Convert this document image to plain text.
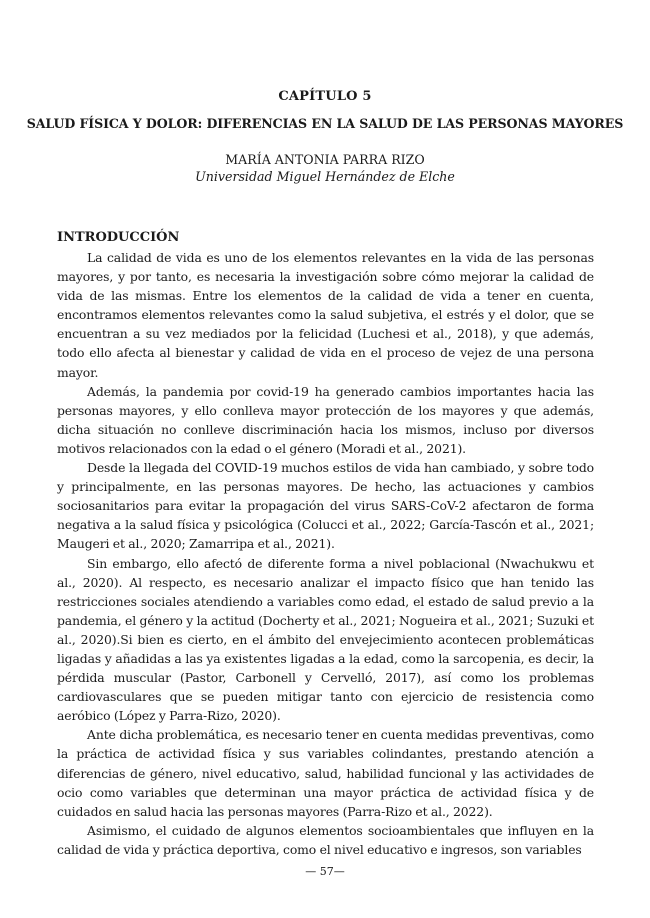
CAPÍTULO 5
SALUD FÍSICA Y DOLOR: DIFERENCIAS EN LA SALUD DE LAS PERSONAS MAYORES
MARÍA ANTONIA PARRA RIZO
Universidad Miguel Hernández de Elche
INTRODUCCIÓN

La calidad de vida es uno de los elementos relevantes en la vida de las personas mayores, y por tanto, es necesaria la investigación sobre cómo mejorar la calidad de vida de las mismas. Entre los elementos de la calidad de vida a tener en cuenta, encontramos elementos relevantes como la salud subjetiva, el estrés y el dolor, que se encuentran a su vez mediados por la felicidad (Luchesi et al., 2018), y que además, todo ello afecta al bienestar y calidad de vida en el proceso de vejez de una persona mayor.

Además, la pandemia por covid-19 ha generado cambios importantes hacia las personas mayores, y ello conlleva mayor protección de los mayores y que además, dicha situación no conlleve discriminación hacia los mismos, incluso por diversos motivos relacionados con la edad o el género (Moradi et al., 2021).

Desde la llegada del COVID-19 muchos estilos de vida han cambiado, y sobre todo y principalmente, en las personas mayores. De hecho, las actuaciones y cambios sociosanitarios para evitar la propagación del virus SARS-CoV-2 afectaron de forma negativa a la salud física y psicológica (Colucci et al., 2022; García-Tascón et al., 2021; Maugeri et al., 2020; Zamarripa et al., 2021).

Sin embargo, ello afectó de diferente forma a nivel poblacional (Nwachukwu et al., 2020). Al respecto, es necesario analizar el impacto físico que han tenido las restricciones sociales atendiendo a variables como edad, el estado de salud previo a la pandemia, el género y la actitud (Docherty et al., 2021; Nogueira et al., 2021; Suzuki et al., 2020).Si bien es cierto, en el ámbito del envejecimiento acontecen problemáticas ligadas y añadidas a las ya existentes ligadas a la edad, como la sarcopenia, es decir, la pérdida muscular (Pastor, Carbonell y Cervelló, 2017), así como los problemas cardiovasculares que se pueden mitigar tanto con ejercicio de resistencia como aeróbico (López y Parra-Rizo, 2020).

Ante dicha problemática, es necesario tener en cuenta medidas preventivas, como la práctica de actividad física y sus variables colindantes, prestando atención a diferencias de género, nivel educativo, salud, habilidad funcional y las actividades de ocio como variables que determinan una mayor práctica de actividad física y de cuidados en salud hacia las personas mayores (Parra-Rizo et al., 2022).

Asimismo, el cuidado de algunos elementos socioambientales que influyen en la calidad de vida y práctica deportiva, como el nivel educativo e ingresos, son variables

— 57—
